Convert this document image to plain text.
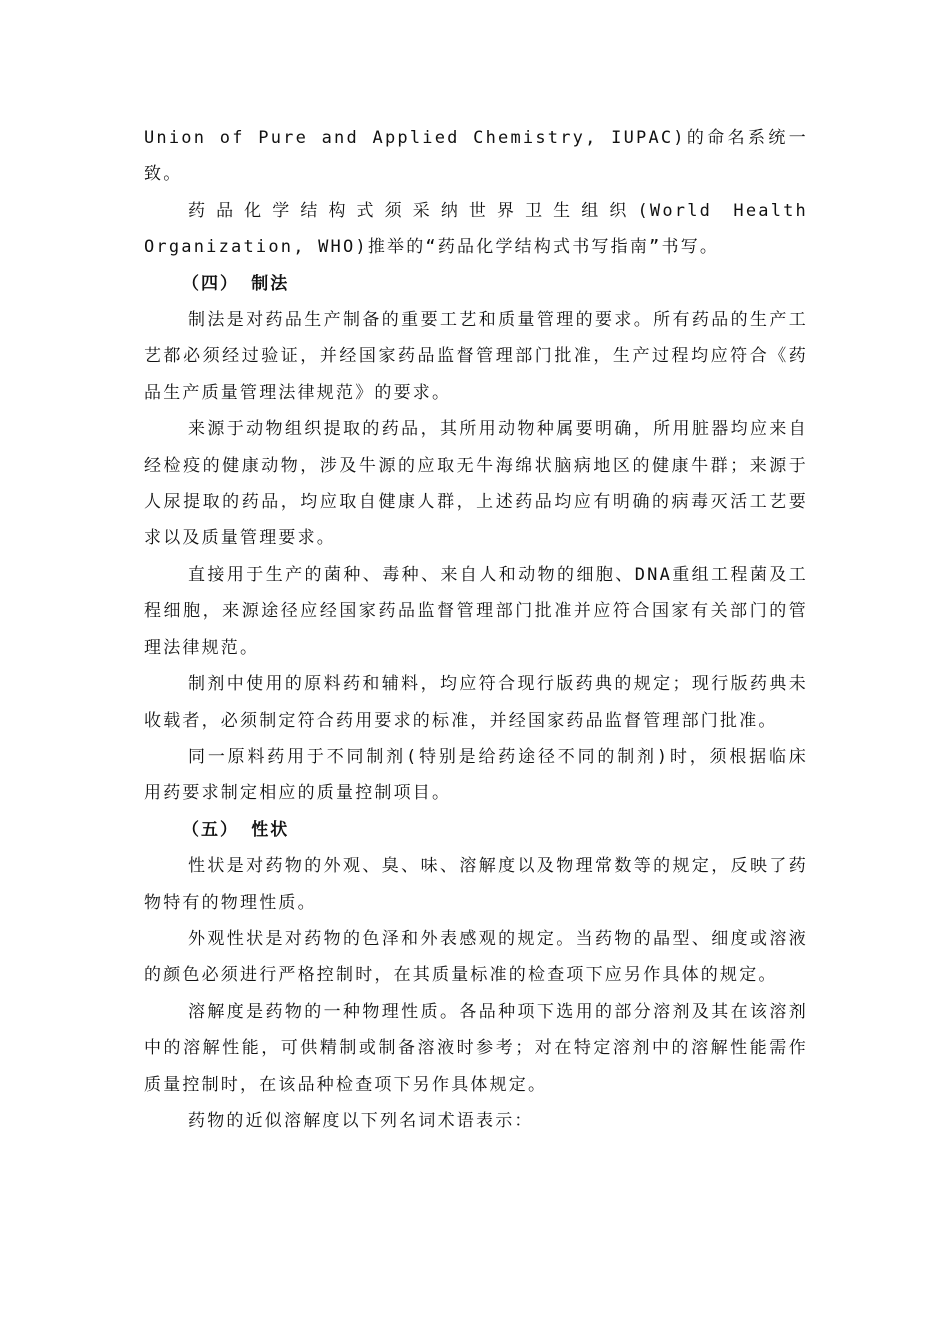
Union of Pure and Applied Chemistry, IUPAC)的命名系统一致。

药品化学结构式须采纳世界卫生组织(World Health Organization, WHO)推举的“药品化学结构式书写指南”书写。

（四） 制法

制法是对药品生产制备的重要工艺和质量管理的要求。所有药品的生产工艺都必须经过验证，并经国家药品监督管理部门批准，生产过程均应符合《药品生产质量管理法律规范》的要求。

来源于动物组织提取的药品，其所用动物种属要明确，所用脏器均应来自经检疫的健康动物，涉及牛源的应取无牛海绵状脑病地区的健康牛群；来源于人尿提取的药品，均应取自健康人群，上述药品均应有明确的病毒灭活工艺要求以及质量管理要求。

直接用于生产的菌种、毒种、来自人和动物的细胞、DNA重组工程菌及工程细胞，来源途径应经国家药品监督管理部门批准并应符合国家有关部门的管理法律规范。

制剂中使用的原料药和辅料，均应符合现行版药典的规定；现行版药典未收载者，必须制定符合药用要求的标准，并经国家药品监督管理部门批准。

同一原料药用于不同制剂(特别是给药途径不同的制剂)时，须根据临床用药要求制定相应的质量控制项目。

（五） 性状

性状是对药物的外观、臭、味、溶解度以及物理常数等的规定，反映了药物特有的物理性质。

外观性状是对药物的色泽和外表感观的规定。当药物的晶型、细度或溶液的颜色必须进行严格控制时，在其质量标准的检查项下应另作具体的规定。

溶解度是药物的一种物理性质。各品种项下选用的部分溶剂及其在该溶剂中的溶解性能，可供精制或制备溶液时参考；对在特定溶剂中的溶解性能需作质量控制时，在该品种检查项下另作具体规定。

药物的近似溶解度以下列名词术语表示：
